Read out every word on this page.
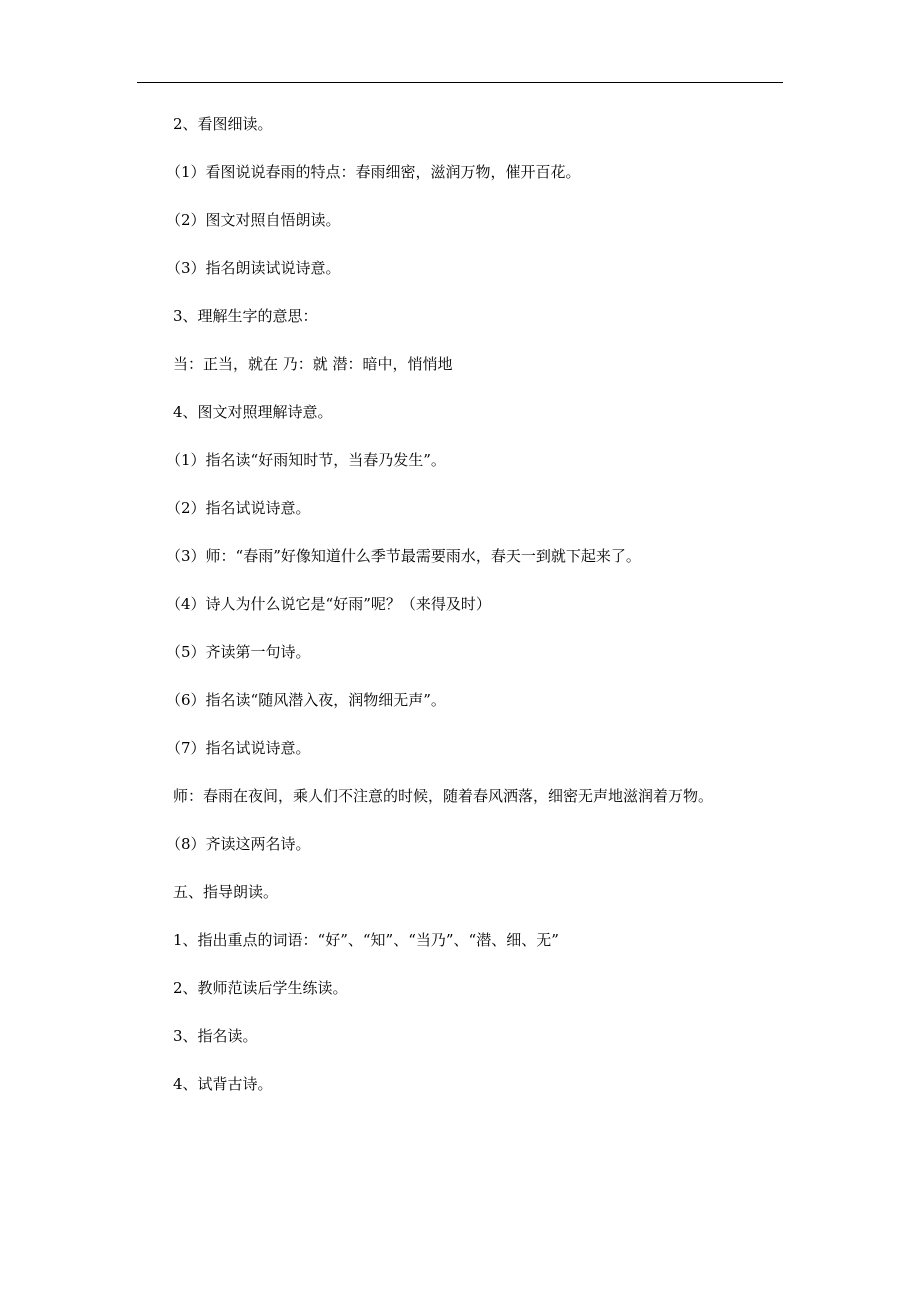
2、看图细读。
（1）看图说说春雨的特点：春雨细密，滋润万物，催开百花。
（2）图文对照自悟朗读。
（3）指名朗读试说诗意。
3、理解生字的意思：
当：正当，就在 乃：就 潜：暗中，悄悄地
4、图文对照理解诗意。
（1）指名读“好雨知时节，当春乃发生”。
（2）指名试说诗意。
（3）师：“春雨”好像知道什么季节最需要雨水，春天一到就下起来了。
（4）诗人为什么说它是“好雨”呢？（来得及时）
（5）齐读第一句诗。
（6）指名读“随风潜入夜，润物细无声”。
（7）指名试说诗意。
师：春雨在夜间，乘人们不注意的时候，随着春风洒落，细密无声地滋润着万物。
（8）齐读这两名诗。
五、指导朗读。
1、指出重点的词语：“好”、“知”、“当乃”、“潜、细、无”
2、教师范读后学生练读。
3、指名读。
4、试背古诗。
